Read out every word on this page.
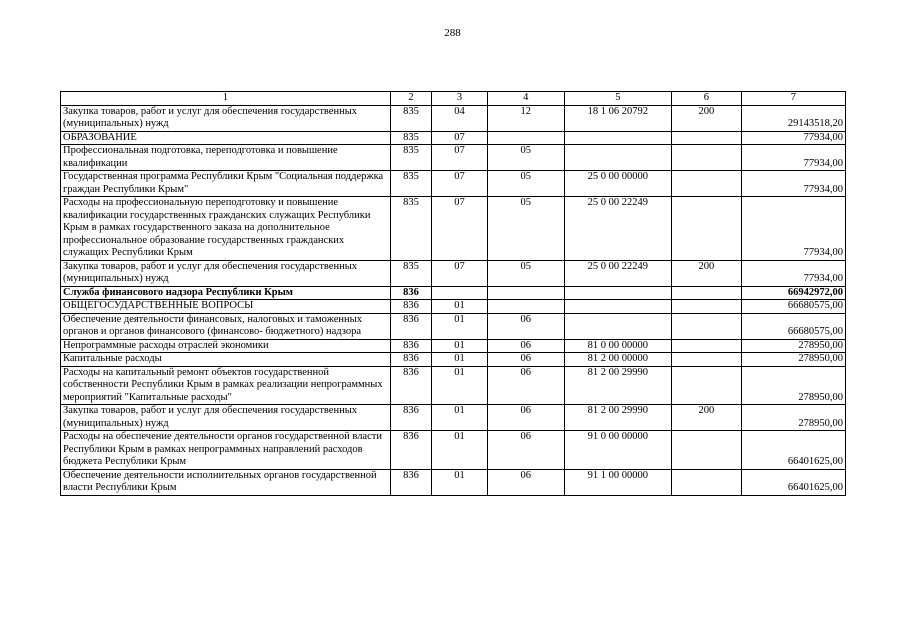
288
1	2	3	4	5	6	7
Закупка товаров, работ и услуг для обеспечения государственных (муниципальных) нужд	835	04	12	18 1 06 20792	200	29143518,20
ОБРАЗОВАНИЕ	835	07				77934,00
Профессиональная подготовка, переподготовка и повышение квалификации	835	07	05			77934,00
Государственная программа Республики Крым "Социальная поддержка граждан Республики Крым"	835	07	05	25 0 00 00000		77934,00
Расходы на профессиональную переподготовку и повышение квалификации государственных гражданских служащих Республики Крым в рамках государственного заказа на дополнительное профессиональное образование государственных гражданских служащих Республики Крым	835	07	05	25 0 00 22249		77934,00
Закупка товаров, работ и услуг для обеспечения государственных (муниципальных) нужд	835	07	05	25 0 00 22249	200	77934,00
Служба финансового надзора Республики Крым	836					66942972,00
ОБЩЕГОСУДАРСТВЕННЫЕ ВОПРОСЫ	836	01				66680575,00
Обеспечение деятельности финансовых, налоговых и таможенных органов и органов финансового (финансово- бюджетного) надзора	836	01	06			66680575,00
Непрограммные расходы отраслей экономики	836	01	06	81 0 00 00000		278950,00
Капитальные расходы	836	01	06	81 2 00 00000		278950,00
Расходы на капитальный ремонт объектов государственной собственности Республики Крым в рамках реализации непрограммных мероприятий "Капитальные расходы"	836	01	06	81 2 00 29990		278950,00
Закупка товаров, работ и услуг для обеспечения государственных (муниципальных) нужд	836	01	06	81 2 00 29990	200	278950,00
Расходы на обеспечение деятельности органов государственной власти Республики Крым в рамках непрограммных направлений расходов бюджета Республики Крым	836	01	06	91 0 00 00000		66401625,00
Обеспечение деятельности исполнительных органов государственной власти Республики Крым	836	01	06	91 1 00 00000		66401625,00
